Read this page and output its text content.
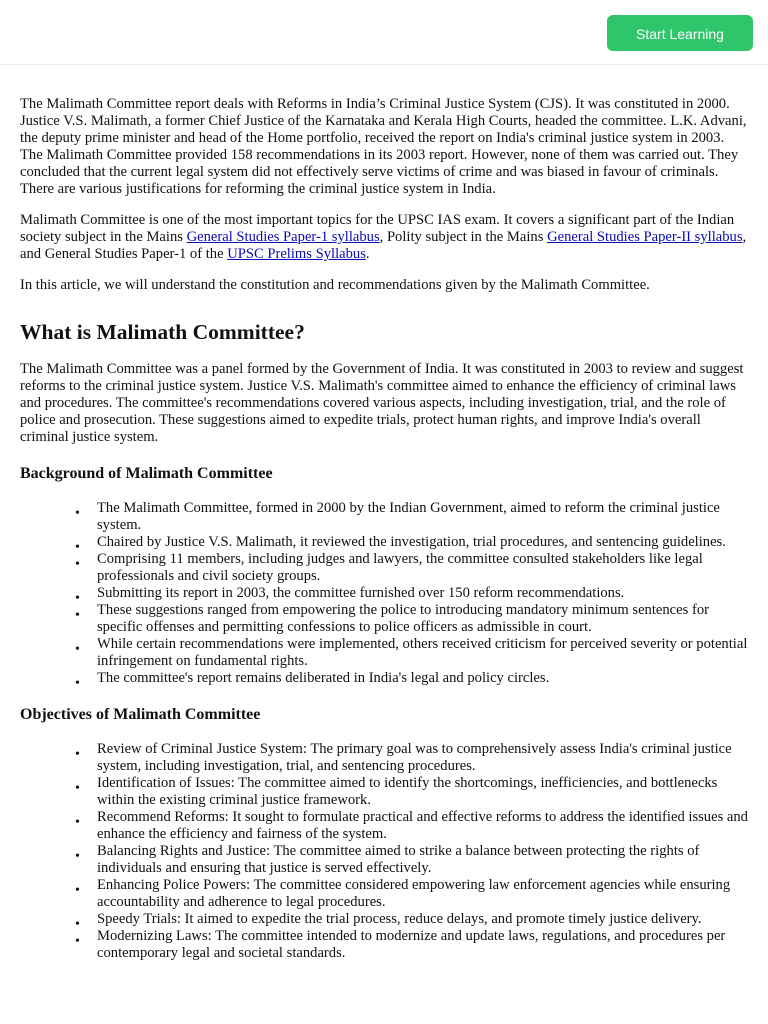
Start Learning

The Malimath Committee report deals with Reforms in India’s Criminal Justice System (CJS). It was constituted in 2000. Justice V.S. Malimath, a former Chief Justice of the Karnataka and Kerala High Courts, headed the committee. L.K. Advani, the deputy prime minister and head of the Home portfolio, received the report on India's criminal justice system in 2003. The Malimath Committee provided 158 recommendations in its 2003 report. However, none of them was carried out. They concluded that the current legal system did not effectively serve victims of crime and was biased in favour of criminals. There are various justifications for reforming the criminal justice system in India.

Malimath Committee is one of the most important topics for the UPSC IAS exam. It covers a significant part of the Indian society subject in the Mains General Studies Paper-1 syllabus, Polity subject in the Mains General Studies Paper-II syllabus, and General Studies Paper-1 of the UPSC Prelims Syllabus.

In this article, we will understand the constitution and recommendations given by the Malimath Committee.

What is Malimath Committee?

The Malimath Committee was a panel formed by the Government of India. It was constituted in 2003 to review and suggest reforms to the criminal justice system. Justice V.S. Malimath's committee aimed to enhance the efficiency of criminal laws and procedures. The committee's recommendations covered various aspects, including investigation, trial, and the role of police and prosecution. These suggestions aimed to expedite trials, protect human rights, and improve India's overall criminal justice system.

Background of Malimath Committee
• The Malimath Committee, formed in 2000 by the Indian Government, aimed to reform the criminal justice system.
• Chaired by Justice V.S. Malimath, it reviewed the investigation, trial procedures, and sentencing guidelines.
• Comprising 11 members, including judges and lawyers, the committee consulted stakeholders like legal professionals and civil society groups.
• Submitting its report in 2003, the committee furnished over 150 reform recommendations.
• These suggestions ranged from empowering the police to introducing mandatory minimum sentences for specific offenses and permitting confessions to police officers as admissible in court.
• While certain recommendations were implemented, others received criticism for perceived severity or potential infringement on fundamental rights.
• The committee's report remains deliberated in India's legal and policy circles.
Objectives of Malimath Committee
• Review of Criminal Justice System: The primary goal was to comprehensively assess India's criminal justice system, including investigation, trial, and sentencing procedures.
• Identification of Issues: The committee aimed to identify the shortcomings, inefficiencies, and bottlenecks within the existing criminal justice framework.
• Recommend Reforms: It sought to formulate practical and effective reforms to address the identified issues and enhance the efficiency and fairness of the system.
• Balancing Rights and Justice: The committee aimed to strike a balance between protecting the rights of individuals and ensuring that justice is served effectively.
• Enhancing Police Powers: The committee considered empowering law enforcement agencies while ensuring accountability and adherence to legal procedures.
• Speedy Trials: It aimed to expedite the trial process, reduce delays, and promote timely justice delivery.
• Modernizing Laws: The committee intended to modernize and update laws, regulations, and procedures per contemporary legal and societal standards.
